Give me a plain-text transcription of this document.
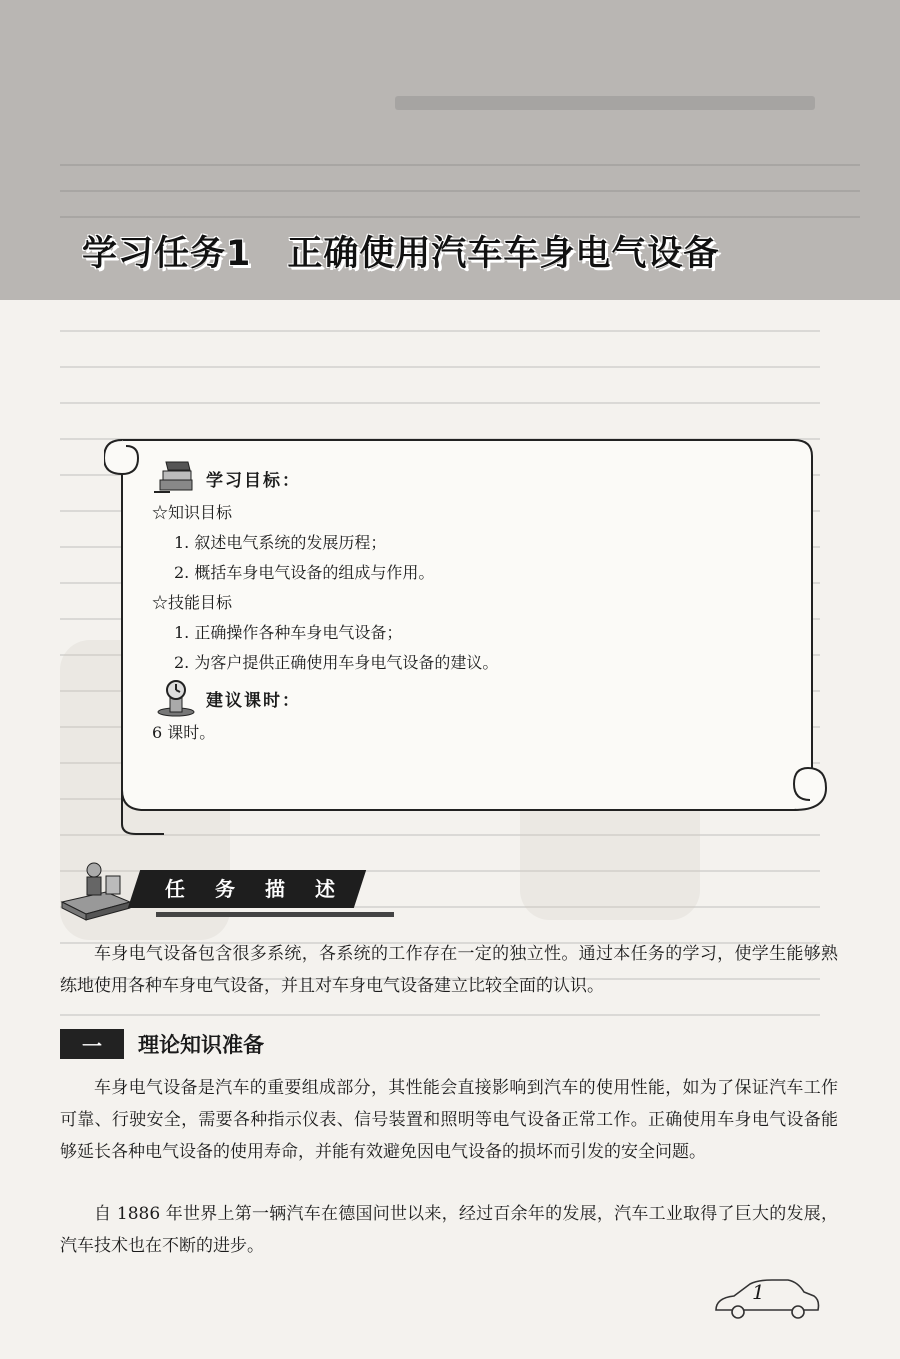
学习任务1　正确使用汽车车身电气设备
学习目标：
☆知识目标
1. 叙述电气系统的发展历程；
2. 概括车身电气设备的组成与作用。
☆技能目标
1. 正确操作各种车身电气设备；
2. 为客户提供正确使用车身电气设备的建议。
建议课时：
6 课时。
任 务 描 述

车身电气设备包含很多系统，各系统的工作存在一定的独立性。通过本任务的学习，使学生能够熟练地使用各种车身电气设备，并且对车身电气设备建立比较全面的认识。

一	理论知识准备

车身电气设备是汽车的重要组成部分，其性能会直接影响到汽车的使用性能，如为了保证汽车工作可靠、行驶安全，需要各种指示仪表、信号装置和照明等电气设备正常工作。正确使用车身电气设备能够延长各种电气设备的使用寿命，并能有效避免因电气设备的损坏而引发的安全问题。

自 1886 年世界上第一辆汽车在德国问世以来，经过百余年的发展，汽车工业取得了巨大的发展，汽车技术也在不断的进步。

1
